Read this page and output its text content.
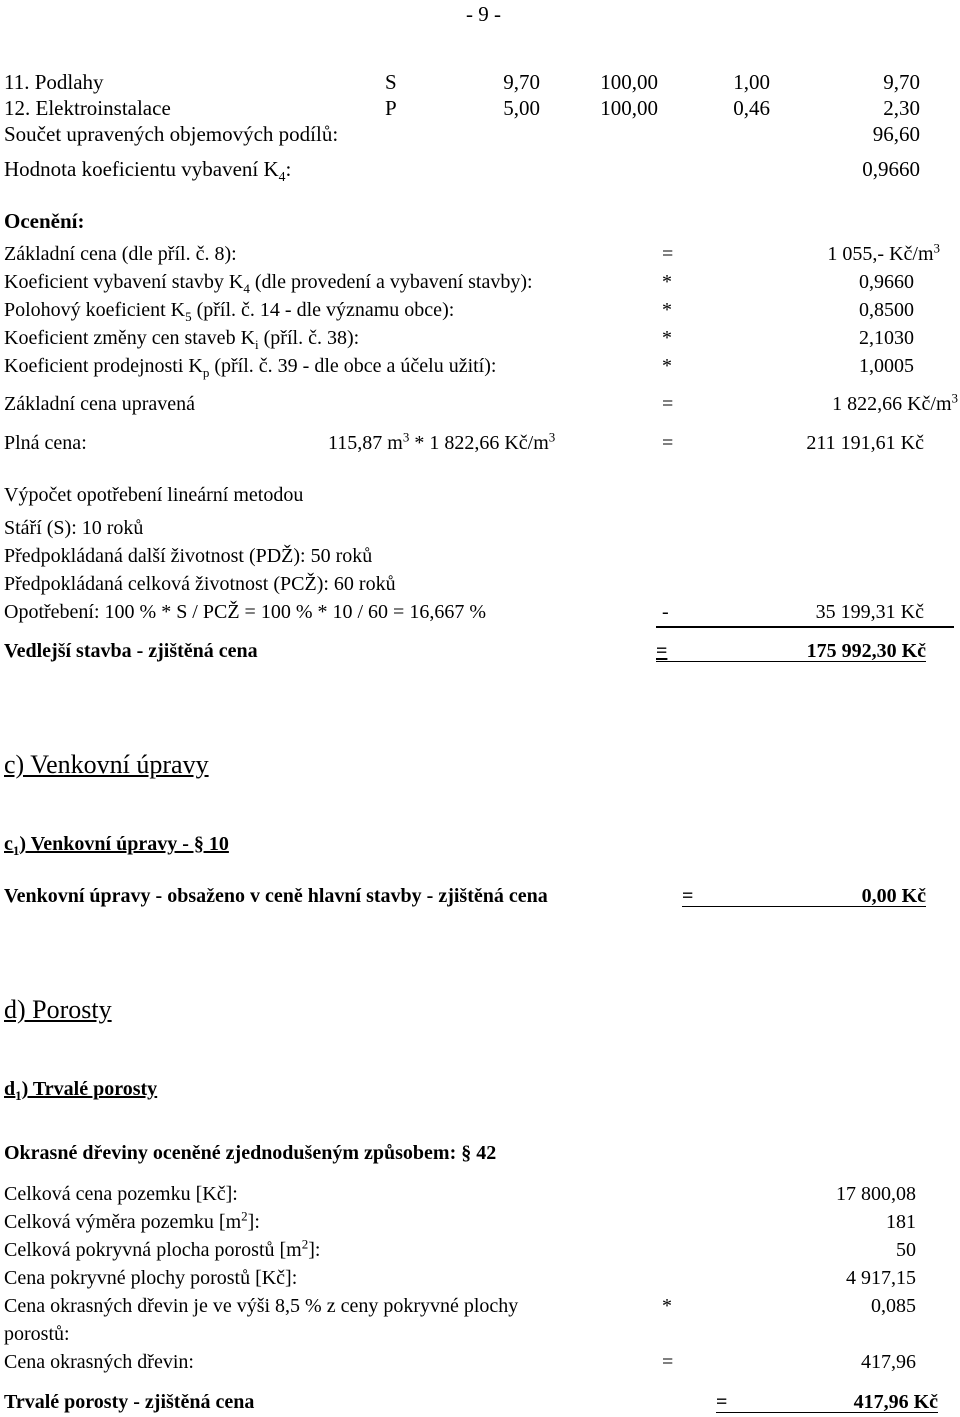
- 9 -
11. Podlahy	S	9,70	100,00	1,00	9,70
12. Elektroinstalace	P	5,00	100,00	0,46	2,30
Součet upravených objemových podílů:	96,60
Hodnota koeficientu vybavení $K_4$:	0,9660
Ocenění:
Základní cena (dle příl. č. 8):	=	1 055,- $Kč/m^3$
Koeficient vybavení stavby $K_4$ (dle provedení a vybavení stavby):	*	0,9660
Polohový koeficient $K_5$ (příl. č. 14 - dle významu obce):	*	0,8500
Koeficient změny cen staveb $K_i$ (příl. č. 38):	*	2,1030
Koeficient prodejnosti $K_p$ (příl. č. 39 - dle obce a účelu užití):	*	1,0005
Základní cena upravená	=	1 822,66 $Kč/m^3$
Plná cena:	115,87 $m^3 * 1$ 822,66 $Kč/m^3$	=	211 191,61 Kč
Výpočet opotřebení lineární metodou
Stáří (S): 10 roků
Předpokládaná další životnost (PDŽ): 50 roků
Předpokládaná celková životnost (PCŽ): 60 roků
Opotřebení: 100 % * S / PCŽ = 100 % * 10 / 60 = 16,667 %	-	35 199,31 Kč
Vedlejší stavba - zjištěná cena	=	175 992,30 Kč
c) Venkovní úpravy
$c_1$) Venkovní úpravy - § 10
Venkovní úpravy - obsaženo v ceně hlavní stavby - zjištěná cena	=	0,00 Kč
d) Porosty
$d_1$) Trvalé porosty
Okrasné dřeviny oceněné zjednodušeným způsobem: § 42
Celková cena pozemku [Kč]:	17 800,08
Celková výměra pozemku $[m^2]$:	181
Celková pokryvná plocha porostů $[m^2]$:	50
Cena pokryvné plochy porostů [Kč]:	4 917,15
Cena okrasných dřevin je ve výši 8,5 % z ceny pokryvné plochy	*	0,085
porostů:
Cena okrasných dřevin:	=	417,96
Trvalé porosty - zjištěná cena	=	417,96 Kč
